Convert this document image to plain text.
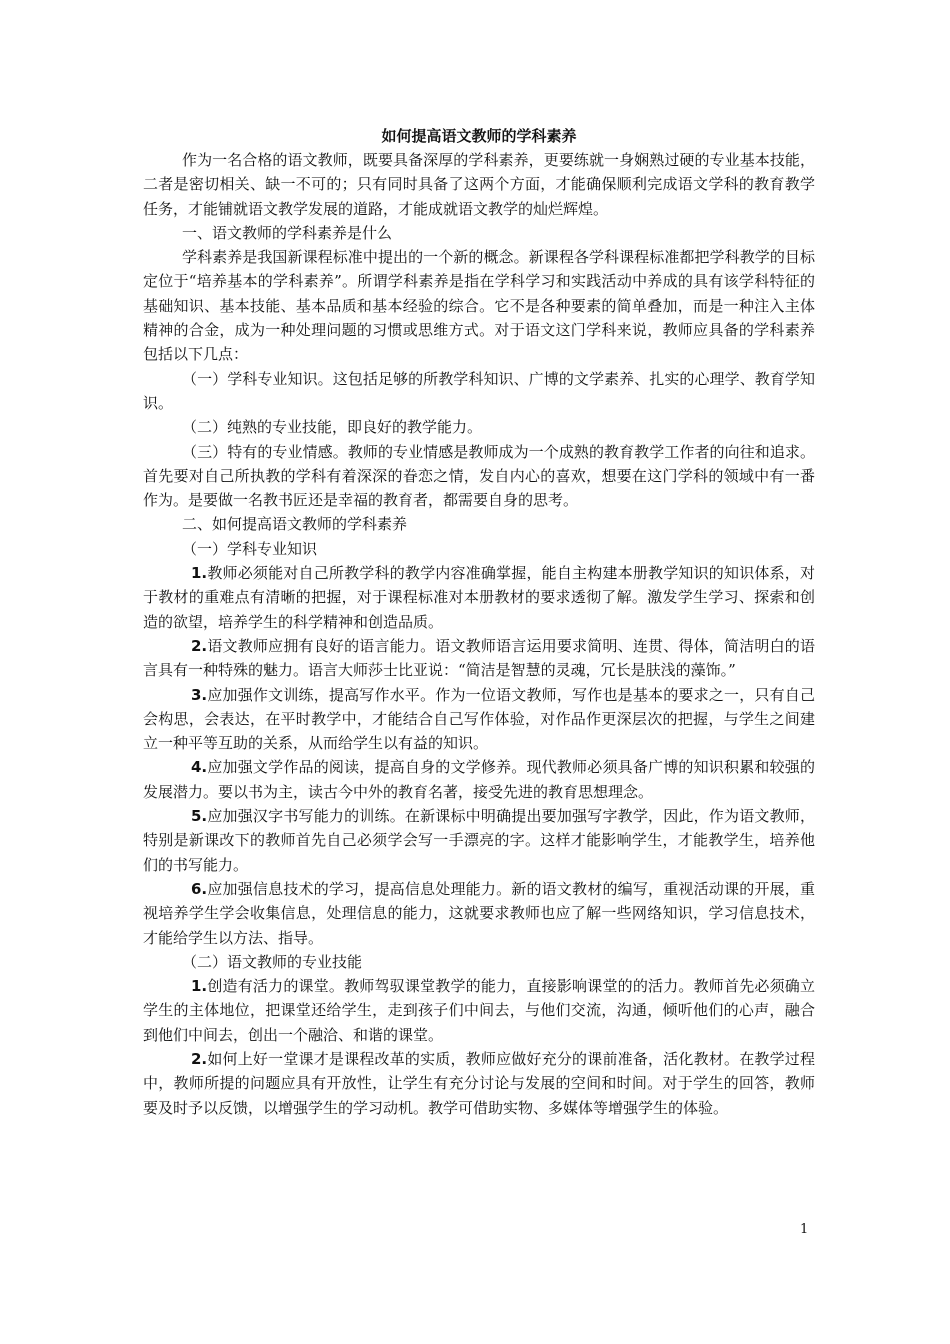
如何提高语文教师的学科素养

作为一名合格的语文教师，既要具备深厚的学科素养，更要练就一身娴熟过硬的专业基本技能，二者是密切相关、缺一不可的；只有同时具备了这两个方面，才能确保顺利完成语文学科的教育教学任务，才能铺就语文教学发展的道路，才能成就语文教学的灿烂辉煌。

一、语文教师的学科素养是什么

学科素养是我国新课程标准中提出的一个新的概念。新课程各学科课程标准都把学科教学的目标定位于“培养基本的学科素养”。所谓学科素养是指在学科学习和实践活动中养成的具有该学科特征的基础知识、基本技能、基本品质和基本经验的综合。它不是各种要素的简单叠加，而是一种注入主体精神的合金，成为一种处理问题的习惯或思维方式。对于语文这门学科来说，教师应具备的学科素养包括以下几点：

（一）学科专业知识。这包括足够的所教学科知识、广博的文学素养、扎实的心理学、教育学知识。

（二）纯熟的专业技能，即良好的教学能力。

（三）特有的专业情感。教师的专业情感是教师成为一个成熟的教育教学工作者的向往和追求。首先要对自己所执教的学科有着深深的眷恋之情，发自内心的喜欢，想要在这门学科的领域中有一番作为。是要做一名教书匠还是幸福的教育者，都需要自身的思考。

二、如何提高语文教师的学科素养

（一）学科专业知识

1.教师必须能对自己所教学科的教学内容准确掌握，能自主构建本册教学知识的知识体系，对于教材的重难点有清晰的把握，对于课程标准对本册教材的要求透彻了解。激发学生学习、探索和创造的欲望，培养学生的科学精神和创造品质。

2.语文教师应拥有良好的语言能力。语文教师语言运用要求简明、连贯、得体，简洁明白的语言具有一种特殊的魅力。语言大师莎士比亚说：“简洁是智慧的灵魂，冗长是肤浅的藻饰。”

3.应加强作文训练，提高写作水平。作为一位语文教师，写作也是基本的要求之一，只有自己会构思，会表达，在平时教学中，才能结合自己写作体验，对作品作更深层次的把握，与学生之间建立一种平等互助的关系，从而给学生以有益的知识。

4.应加强文学作品的阅读，提高自身的文学修养。现代教师必须具备广博的知识积累和较强的发展潜力。要以书为主，读古今中外的教育名著，接受先进的教育思想理念。

5.应加强汉字书写能力的训练。在新课标中明确提出要加强写字教学，因此，作为语文教师，特别是新课改下的教师首先自己必须学会写一手漂亮的字。这样才能影响学生，才能教学生，培养他们的书写能力。

6.应加强信息技术的学习，提高信息处理能力。新的语文教材的编写，重视活动课的开展，重视培养学生学会收集信息，处理信息的能力，这就要求教师也应了解一些网络知识，学习信息技术，才能给学生以方法、指导。

（二）语文教师的专业技能

1.创造有活力的课堂。教师驾驭课堂教学的能力，直接影响课堂的的活力。教师首先必须确立学生的主体地位，把课堂还给学生，走到孩子们中间去，与他们交流，沟通，倾听他们的心声，融合到他们中间去，创出一个融洽、和谐的课堂。

2.如何上好一堂课才是课程改革的实质，教师应做好充分的课前准备，活化教材。在教学过程中，教师所提的问题应具有开放性，让学生有充分讨论与发展的空间和时间。对于学生的回答，教师要及时予以反馈，以增强学生的学习动机。教学可借助实物、多媒体等增强学生的体验。

1
